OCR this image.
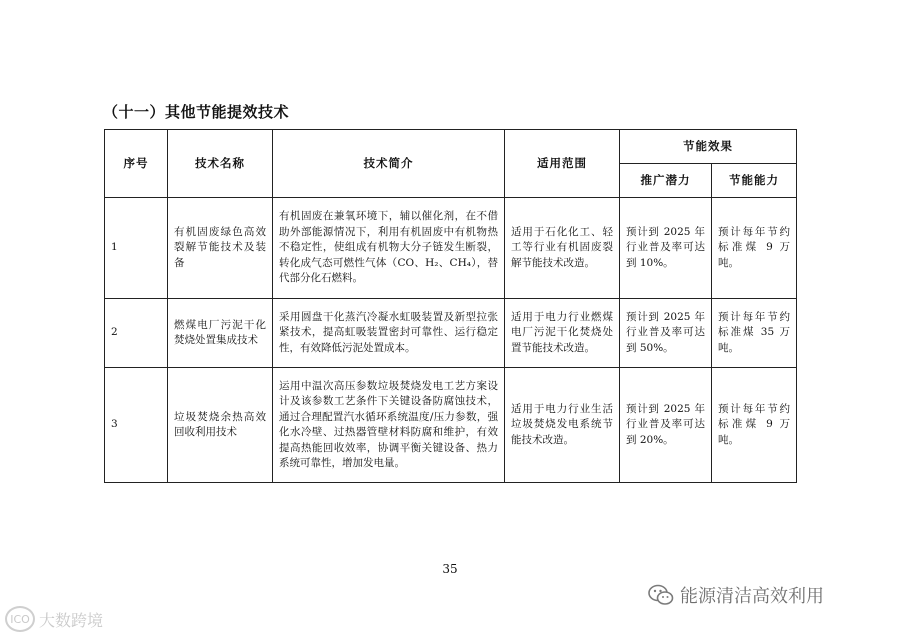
（十一）其他节能提效技术
序号	技术名称	技术简介	适用范围	节能效果	
				推广潜力	节能能力
1	有机固废绿色高效裂解节能技术及装备	有机固废在兼氧环境下，辅以催化剂，在不借助外部能源情况下，利用有机固废中有机物热不稳定性，使组成有机物大分子链发生断裂，转化成气态可燃性气体（CO、H₂、CH₄），替代部分化石燃料。	适用于石化化工、轻工等行业有机固废裂解节能技术改造。	预计到 2025 年行业普及率可达到 10%。	预计每年节约标准煤 9 万吨。
2	燃煤电厂污泥干化焚烧处置集成技术	采用圆盘干化蒸汽冷凝水虹吸装置及新型拉张紧技术，提高虹吸装置密封可靠性、运行稳定性，有效降低污泥处置成本。	适用于电力行业燃煤电厂污泥干化焚烧处置节能技术改造。	预计到 2025 年行业普及率可达到 50%。	预计每年节约标准煤 35 万吨。
3	垃圾焚烧余热高效回收利用技术	运用中温次高压参数垃圾焚烧发电工艺方案设计及该参数工艺条件下关键设备防腐蚀技术，通过合理配置汽水循环系统温度/压力参数，强化水冷壁、过热器管壁材料防腐和维护，有效提高热能回收效率，协调平衡关键设备、热力系统可靠性，增加发电量。	适用于电力行业生活垃圾焚烧发电系统节能技术改造。	预计到 2025 年行业普及率可达到 20%。	预计每年节约标准煤 9 万吨。
35
ICO 大数跨境
能源清洁高效利用
